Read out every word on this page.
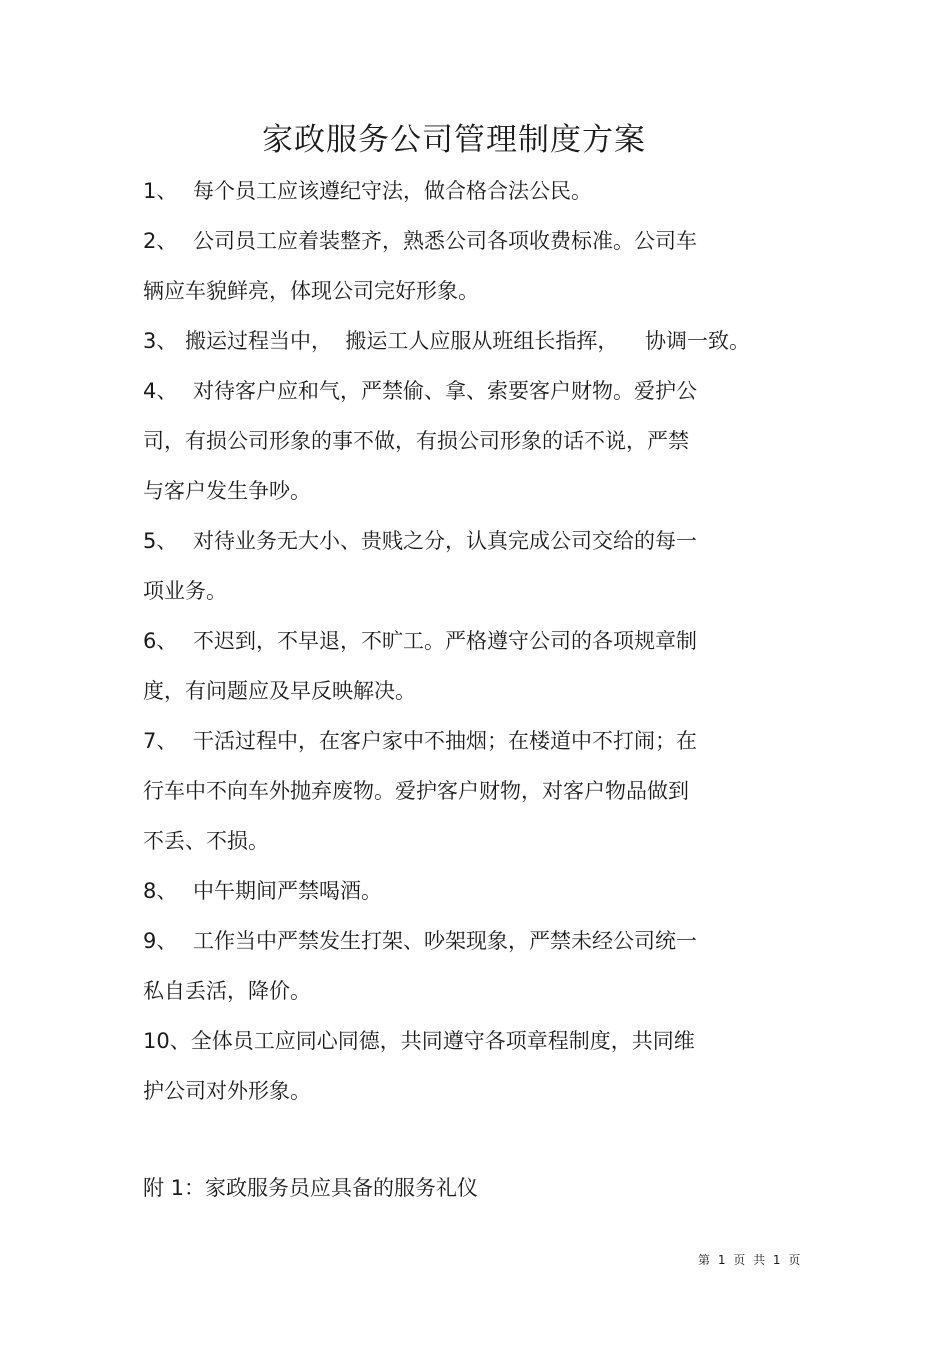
家政服务公司管理制度方案
1、 每个员工应该遵纪守法，做合格合法公民。
2、 公司员工应着装整齐，熟悉公司各项收费标准。公司车
辆应车貌鲜亮，体现公司完好形象。
3、 搬运过程当中，  搬运工人应服从班组长指挥，    协调一致。
4、 对待客户应和气，严禁偷、拿、索要客户财物。爱护公
司，有损公司形象的事不做，有损公司形象的话不说，严禁
与客户发生争吵。
5、 对待业务无大小、贵贱之分，认真完成公司交给的每一
项业务。
6、 不迟到，不早退，不旷工。严格遵守公司的各项规章制
度，有问题应及早反映解决。
7、 干活过程中，在客户家中不抽烟；在楼道中不打闹；在
行车中不向车外抛弃废物。爱护客户财物，对客户物品做到
不丢、不损。
8、 中午期间严禁喝酒。
9、 工作当中严禁发生打架、吵架现象，严禁未经公司统一
私自丢活，降价。
10、全体员工应同心同德，共同遵守各项章程制度，共同维
护公司对外形象。
附 1：家政服务员应具备的服务礼仪
第 1 页 共 1 页
